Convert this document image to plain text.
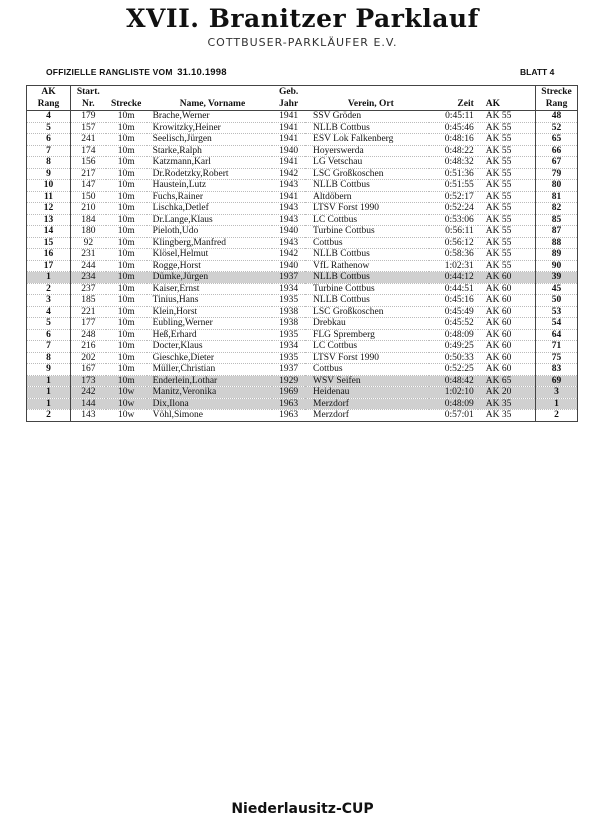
XVII. Branitzer Parklauf
COTTBUSER-PARKLÄUFER E.V.
OFFIZIELLE RANGLISTE VOM 31.10.1998	BLATT 4
AK	Start.			Geb.				Strecke
Rang	Nr.	Strecke	Name, Vorname	Jahr	Verein, Ort	Zeit	AK	Rang
4	179	10m	Brache,Werner	1941	SSV Gröden	0:45:11	AK 55	48
5	157	10m	Krowitzky,Heiner	1941	NLLB Cottbus	0:45:46	AK 55	52
6	241	10m	Seelisch,Jürgen	1941	ESV Lok Falkenberg	0:48:16	AK 55	65
7	174	10m	Starke,Ralph	1940	Hoyerswerda	0:48:22	AK 55	66
8	156	10m	Katzmann,Karl	1941	LG Vetschau	0:48:32	AK 55	67
9	217	10m	Dr.Rodetzky,Robert	1942	LSC Großkoschen	0:51:36	AK 55	79
10	147	10m	Haustein,Lutz	1943	NLLB Cottbus	0:51:55	AK 55	80
11	150	10m	Fuchs,Rainer	1941	Altdöbern	0:52:17	AK 55	81
12	210	10m	Lischka,Detlef	1943	LTSV Forst 1990	0:52:24	AK 55	82
13	184	10m	Dr.Lange,Klaus	1943	LC Cottbus	0:53:06	AK 55	85
14	180	10m	Pieloth,Udo	1940	Turbine Cottbus	0:56:11	AK 55	87
15	92	10m	Klingberg,Manfred	1943	Cottbus	0:56:12	AK 55	88
16	231	10m	Klösel,Helmut	1942	NLLB Cottbus	0:58:36	AK 55	89
17	244	10m	Rogge,Horst	1940	VfL Rathenow	1:02:31	AK 55	90
1	234	10m	Dümke,Jürgen	1937	NLLB Cottbus	0:44:12	AK 60	39
2	237	10m	Kaiser,Ernst	1934	Turbine Cottbus	0:44:51	AK 60	45
3	185	10m	Tinius,Hans	1935	NLLB Cottbus	0:45:16	AK 60	50
4	221	10m	Klein,Horst	1938	LSC Großkoschen	0:45:49	AK 60	53
5	177	10m	Eubling,Werner	1938	Drebkau	0:45:52	AK 60	54
6	248	10m	Heß,Erhard	1935	FLG Spremberg	0:48:09	AK 60	64
7	216	10m	Docter,Klaus	1934	LC Cottbus	0:49:25	AK 60	71
8	202	10m	Gieschke,Dieter	1935	LTSV Forst 1990	0:50:33	AK 60	75
9	167	10m	Müller,Christian	1937	Cottbus	0:52:25	AK 60	83
1	173	10m	Enderlein,Lothar	1929	WSV Seifen	0:48:42	AK 65	69
1	242	10w	Manitz,Veronika	1969	Heidenau	1:02:10	AK 20	3
1	144	10w	Dix,Ilona	1963	Merzdorf	0:48:09	AK 35	1
2	143	10w	Vöhl,Simone	1963	Merzdorf	0:57:01	AK 35	2
Niederlausitz-CUP
